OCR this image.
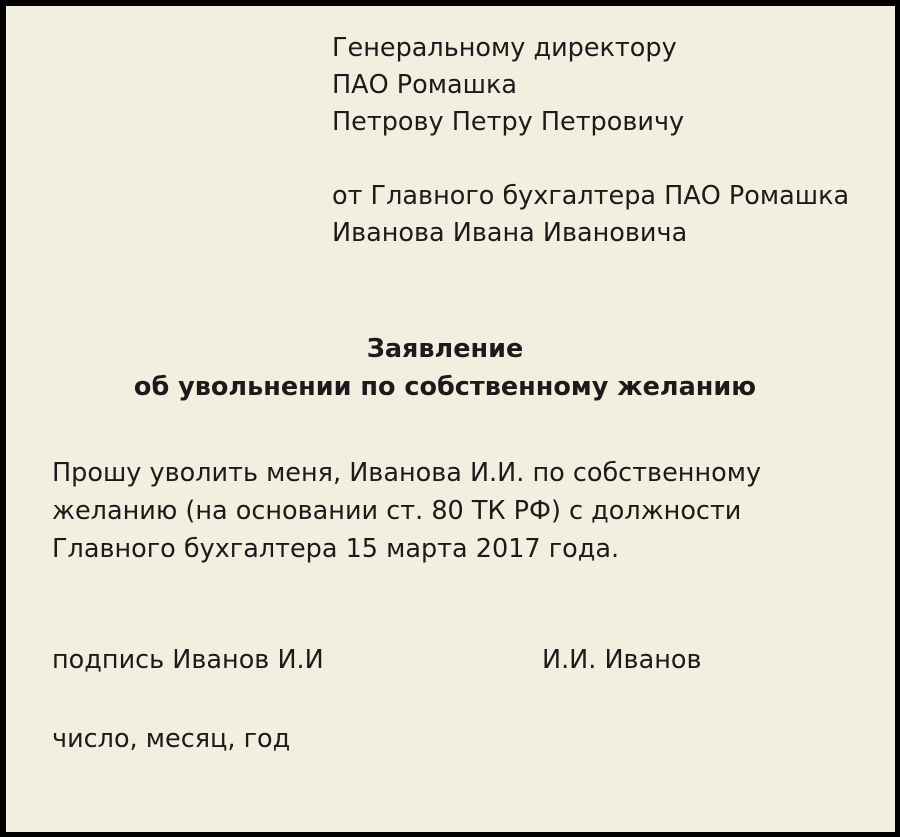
Генеральному директору
ПАО Ромашка
Петрову Петру Петровичу
от Главного бухгалтера ПАО Ромашка
Иванова Ивана Ивановича
Заявление
об увольнении по собственному желанию
Прошу уволить меня, Иванова И.И. по собственному
желанию (на основании ст. 80 ТК РФ) с должности
Главного бухгалтера 15 марта 2017 года.
подпись Иванов И.И	И.И. Иванов
число, месяц, год
